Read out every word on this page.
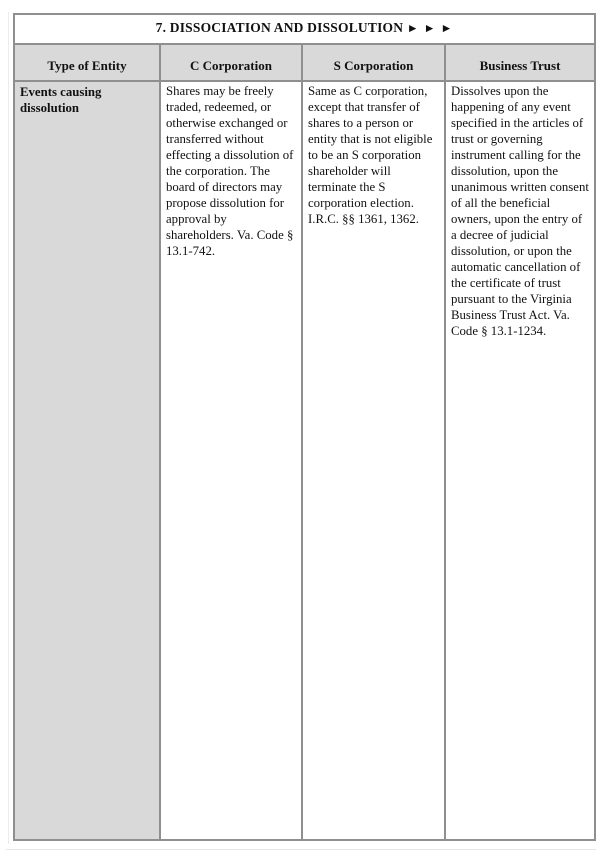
7. DISSOCIATION AND DISSOLUTION ► ► ►			
Type of Entity	C Corporation	S Corporation	Business Trust
Events causing dissolution	Shares may be freely traded, redeemed, or otherwise exchanged or transferred without effecting a dissolution of the corporation. The board of directors may propose dissolution for approval by shareholders. Va. Code § 13.1-742.	Same as C corporation, except that transfer of shares to a person or entity that is not eligible to be an S corporation shareholder will terminate the S corporation election. I.R.C. §§ 1361, 1362.	Dissolves upon the happening of any event specified in the articles of trust or governing instrument calling for the dissolution, upon the unanimous written consent of all the beneficial owners, upon the entry of a decree of judicial dissolution, or upon the automatic cancellation of the certificate of trust pursuant to the Virginia Business Trust Act. Va. Code § 13.1-1234.
